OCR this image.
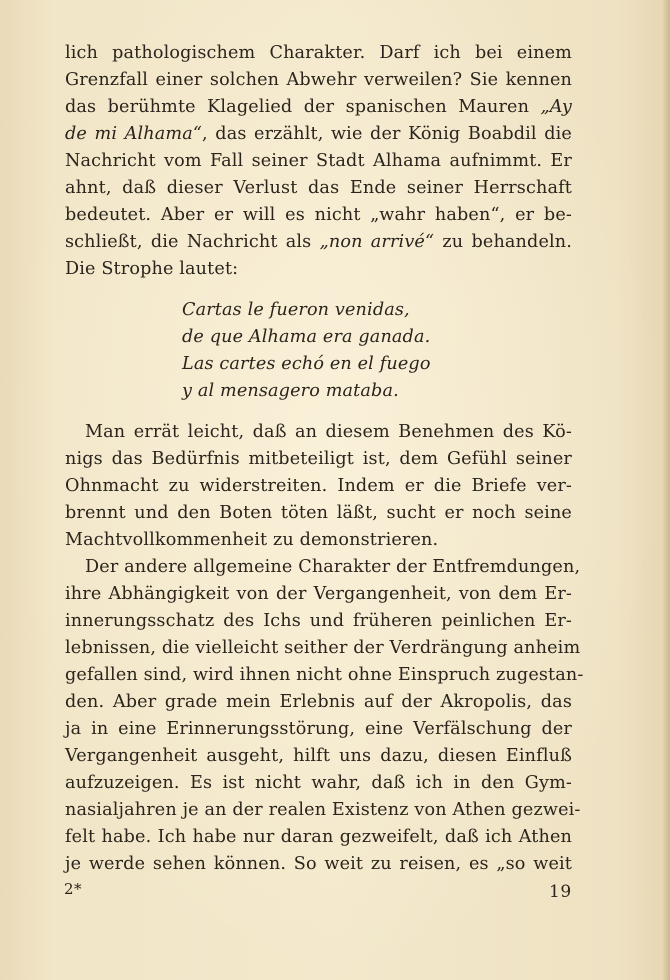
lich pathologischem Charakter. Darf ich bei einem
Grenzfall einer solchen Abwehr verweilen? Sie kennen
das berühmte Klagelied der spanischen Mauren „Ay
de mi Alhama“, das erzählt, wie der König Boabdil die
Nachricht vom Fall seiner Stadt Alhama aufnimmt. Er
ahnt, daß dieser Verlust das Ende seiner Herrschaft
bedeutet. Aber er will es nicht „wahr haben“, er be-
schließt, die Nachricht als „non arrivé“ zu behandeln.
Die Strophe lautet:
Cartas le fueron venidas,
de que Alhama era ganada.
Las cartes echó en el fuego
y al mensagero mataba.
Man errät leicht, daß an diesem Benehmen des Kö-
nigs das Bedürfnis mitbeteiligt ist, dem Gefühl seiner
Ohnmacht zu widerstreiten. Indem er die Briefe ver-
brennt und den Boten töten läßt, sucht er noch seine
Machtvollkommenheit zu demonstrieren.
Der andere allgemeine Charakter der Entfremdungen,
ihre Abhängigkeit von der Vergangenheit, von dem Er-
innerungsschatz des Ichs und früheren peinlichen Er-
lebnissen, die vielleicht seither der Verdrängung anheim
gefallen sind, wird ihnen nicht ohne Einspruch zugestan-
den. Aber grade mein Erlebnis auf der Akropolis, das
ja in eine Erinnerungsstörung, eine Verfälschung der
Vergangenheit ausgeht, hilft uns dazu, diesen Einfluß
aufzuzeigen. Es ist nicht wahr, daß ich in den Gym-
nasialjahren je an der realen Existenz von Athen gezwei-
felt habe. Ich habe nur daran gezweifelt, daß ich Athen
je werde sehen können. So weit zu reisen, es „so weit
2*	19
